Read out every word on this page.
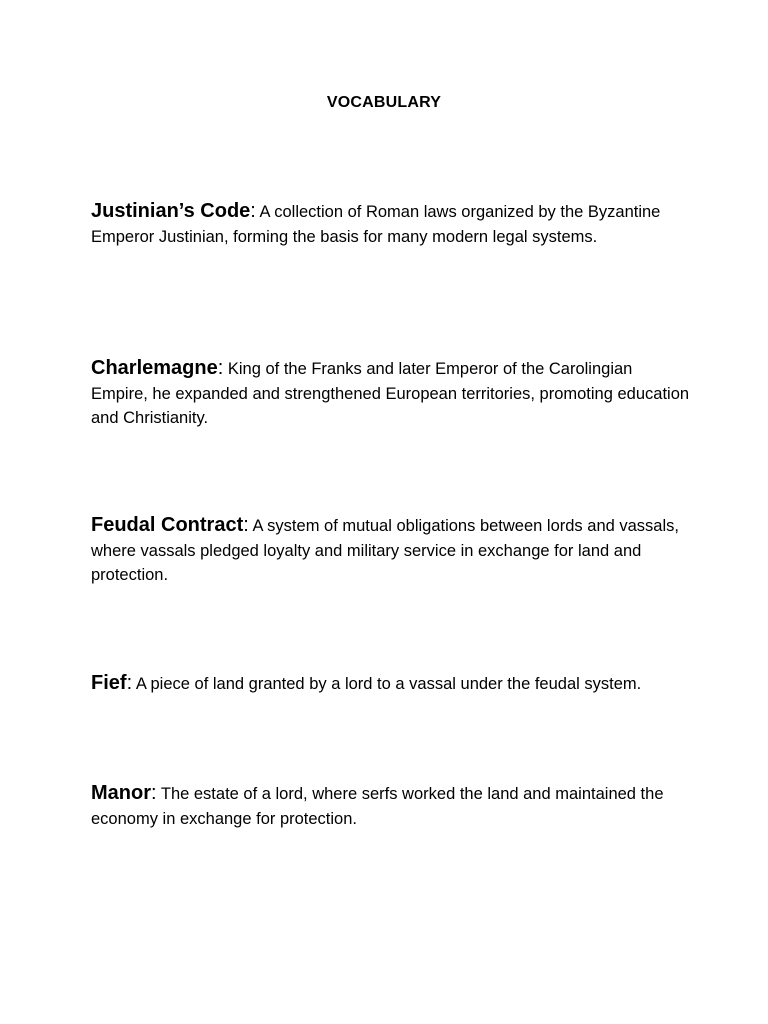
VOCABULARY

Justinian’s Code: A collection of Roman laws organized by the Byzantine Emperor Justinian, forming the basis for many modern legal systems.

Charlemagne: King of the Franks and later Emperor of the Carolingian Empire, he expanded and strengthened European territories, promoting education and Christianity.

Feudal Contract: A system of mutual obligations between lords and vassals, where vassals pledged loyalty and military service in exchange for land and protection.

Fief: A piece of land granted by a lord to a vassal under the feudal system.

Manor: The estate of a lord, where serfs worked the land and maintained the economy in exchange for protection.
